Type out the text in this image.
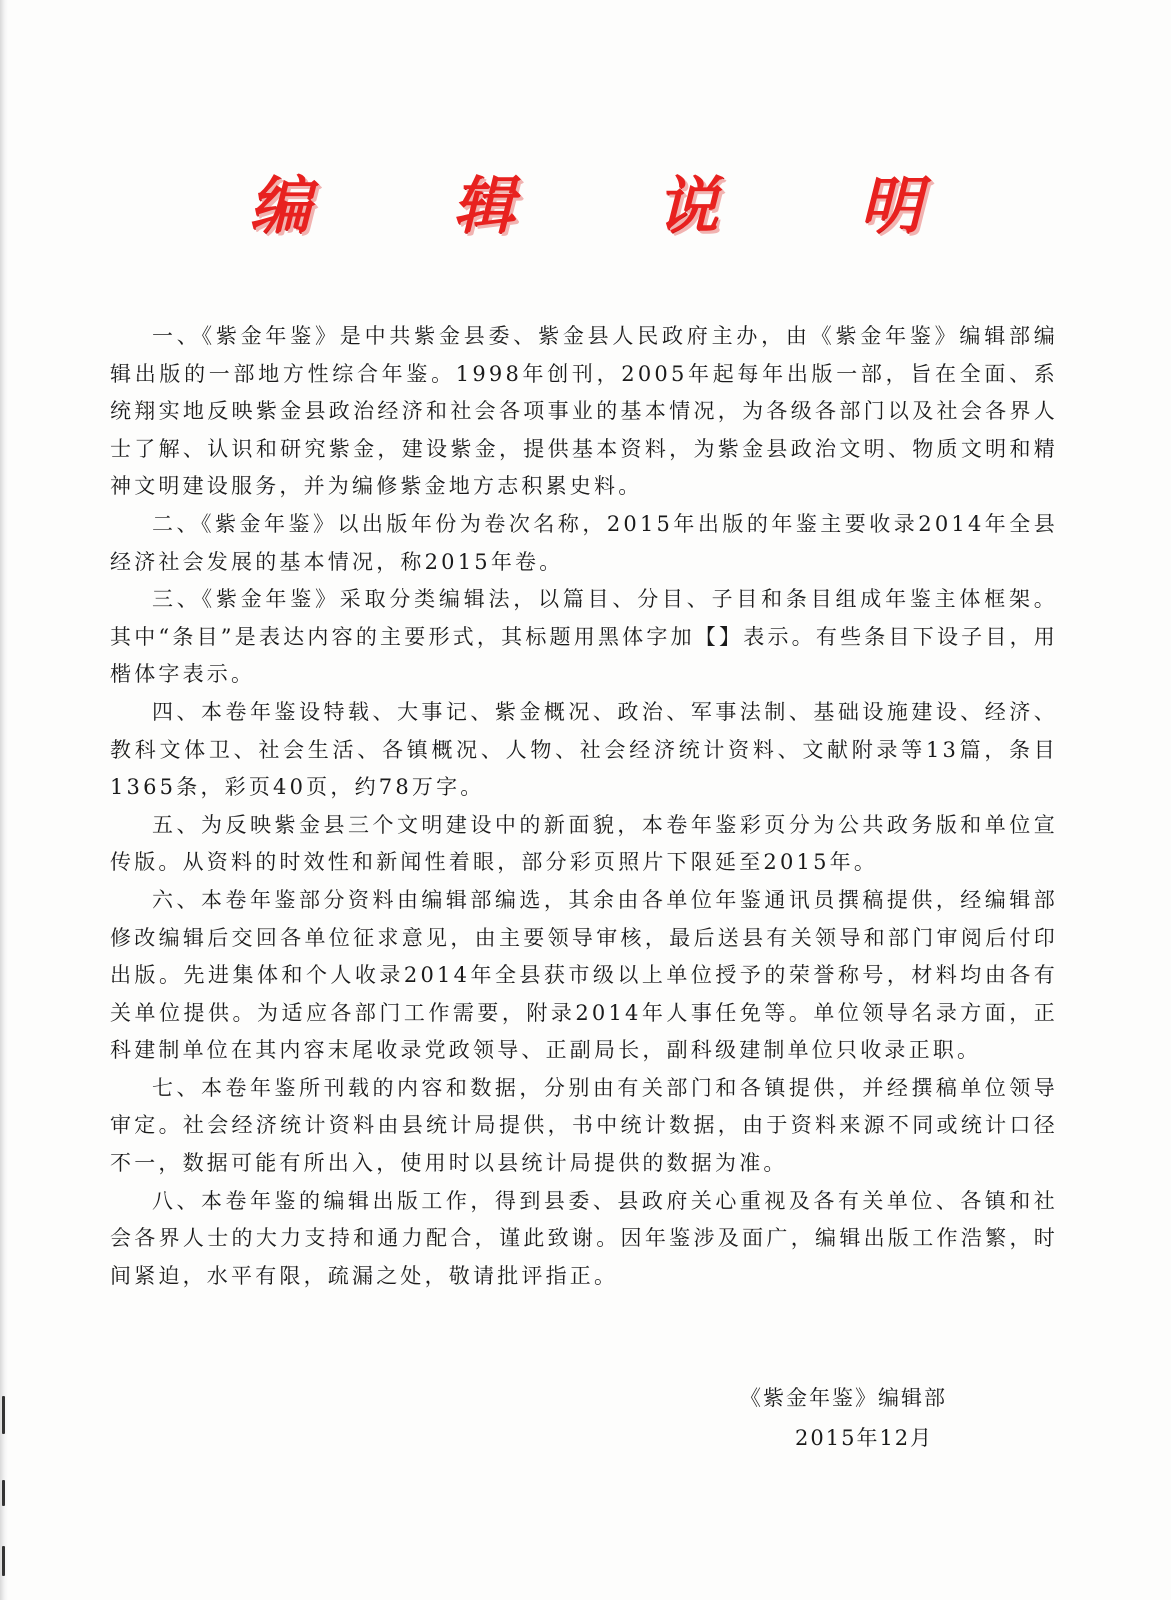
编 辑 说 明

一、《紫金年鉴》是中共紫金县委、紫金县人民政府主办，由《紫金年鉴》编辑部编辑出版的一部地方性综合年鉴。1998年创刊，2005年起每年出版一部，旨在全面、系统翔实地反映紫金县政治经济和社会各项事业的基本情况，为各级各部门以及社会各界人士了解、认识和研究紫金，建设紫金，提供基本资料，为紫金县政治文明、物质文明和精神文明建设服务，并为编修紫金地方志积累史料。

二、《紫金年鉴》以出版年份为卷次名称，2015年出版的年鉴主要收录2014年全县经济社会发展的基本情况，称2015年卷。

三、《紫金年鉴》采取分类编辑法，以篇目、分目、子目和条目组成年鉴主体框架。其中“条目”是表达内容的主要形式，其标题用黑体字加【】表示。有些条目下设子目，用楷体字表示。

四、本卷年鉴设特载、大事记、紫金概况、政治、军事法制、基础设施建设、经济、教科文体卫、社会生活、各镇概况、人物、社会经济统计资料、文献附录等13篇，条目1365条，彩页40页，约78万字。

五、为反映紫金县三个文明建设中的新面貌，本卷年鉴彩页分为公共政务版和单位宣传版。从资料的时效性和新闻性着眼，部分彩页照片下限延至2015年。

六、本卷年鉴部分资料由编辑部编选，其余由各单位年鉴通讯员撰稿提供，经编辑部修改编辑后交回各单位征求意见，由主要领导审核，最后送县有关领导和部门审阅后付印出版。先进集体和个人收录2014年全县获市级以上单位授予的荣誉称号，材料均由各有关单位提供。为适应各部门工作需要，附录2014年人事任免等。单位领导名录方面，正科建制单位在其内容末尾收录党政领导、正副局长，副科级建制单位只收录正职。

七、本卷年鉴所刊载的内容和数据，分别由有关部门和各镇提供，并经撰稿单位领导审定。社会经济统计资料由县统计局提供，书中统计数据，由于资料来源不同或统计口径不一，数据可能有所出入，使用时以县统计局提供的数据为准。

八、本卷年鉴的编辑出版工作，得到县委、县政府关心重视及各有关单位、各镇和社会各界人士的大力支持和通力配合，谨此致谢。因年鉴涉及面广，编辑出版工作浩繁，时间紧迫，水平有限，疏漏之处，敬请批评指正。

《紫金年鉴》编辑部
2015年12月
